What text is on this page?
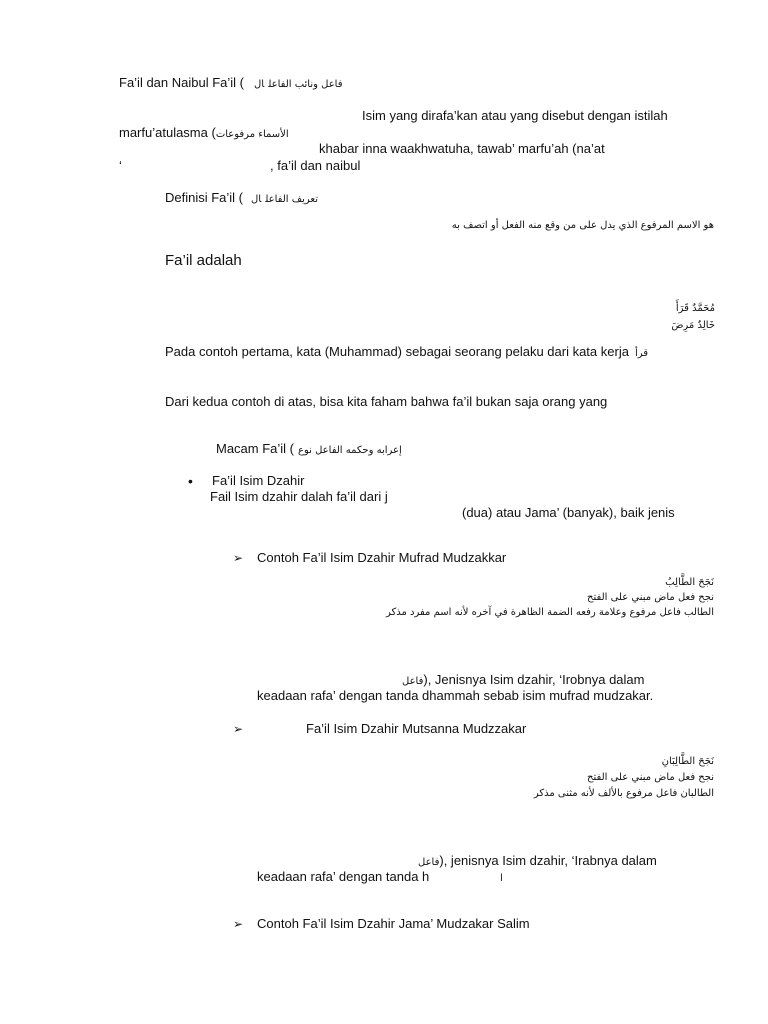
Fa’il dan Naibul Fa’il ( فاعل ونائب الفاعلال
Isim yang dirafa’kan atau yang disebut dengan istilah
marfu’atulasma (الأسماء مرفوعات
khabar inna waakhwatuha, tawab’ marfu’ah (na’at
‘	, fa’il dan naibul
Definisi Fa’il ( تعريف الفاعلال
هو الاسم المرفوع الذي يدل على من وقع منه الفعل أو اتصف به
Fa’il adalah
مُحَمَّدٌ قَرَأَ
خَالِدٌ مَرِضَ
Pada contoh pertama, kata (Muhammad) sebagai seorang pelaku dari kata kerja قرأ
Dari kedua contoh di atas, bisa kita faham bahwa fa’il bukan saja orang yang
Macam Fa’il ( إعرابه وحكمه الفاعل نوع
• Fa’il Isim Dzahir
Fail Isim dzahir dalah fa’il dari j
(dua) atau Jama’ (banyak), baik jenis
➢ Contoh Fa’il Isim Dzahir Mufrad Mudzakkar
نَجَحَ الطَّالِبُ
نجح فعل ماض مبني على الفتح
الطالب فاعل مرفوع وعلامة رفعه الضمة الظاهرة في آخره لأنه اسم مفرد مذكر
فاعل), Jenisnya Isim dzahir, ‘Irobnya dalam
keadaan rafa’ dengan tanda dhammah sebab isim mufrad mudzakar.
➢	Fa’il Isim Dzahir Mutsanna Mudzzakar
نَجَحَ الطَّالِبَانِ
نجح فعل ماض مبني على الفتح
الطالبان فاعل مرفوع بالألف لأنه مثنى مذكر
فاعل), jenisnya Isim dzahir, ‘Irabnya dalam
keadaan rafa’ dengan tanda h	ا
➢ Contoh Fa’il Isim Dzahir Jama’ Mudzakar Salim
